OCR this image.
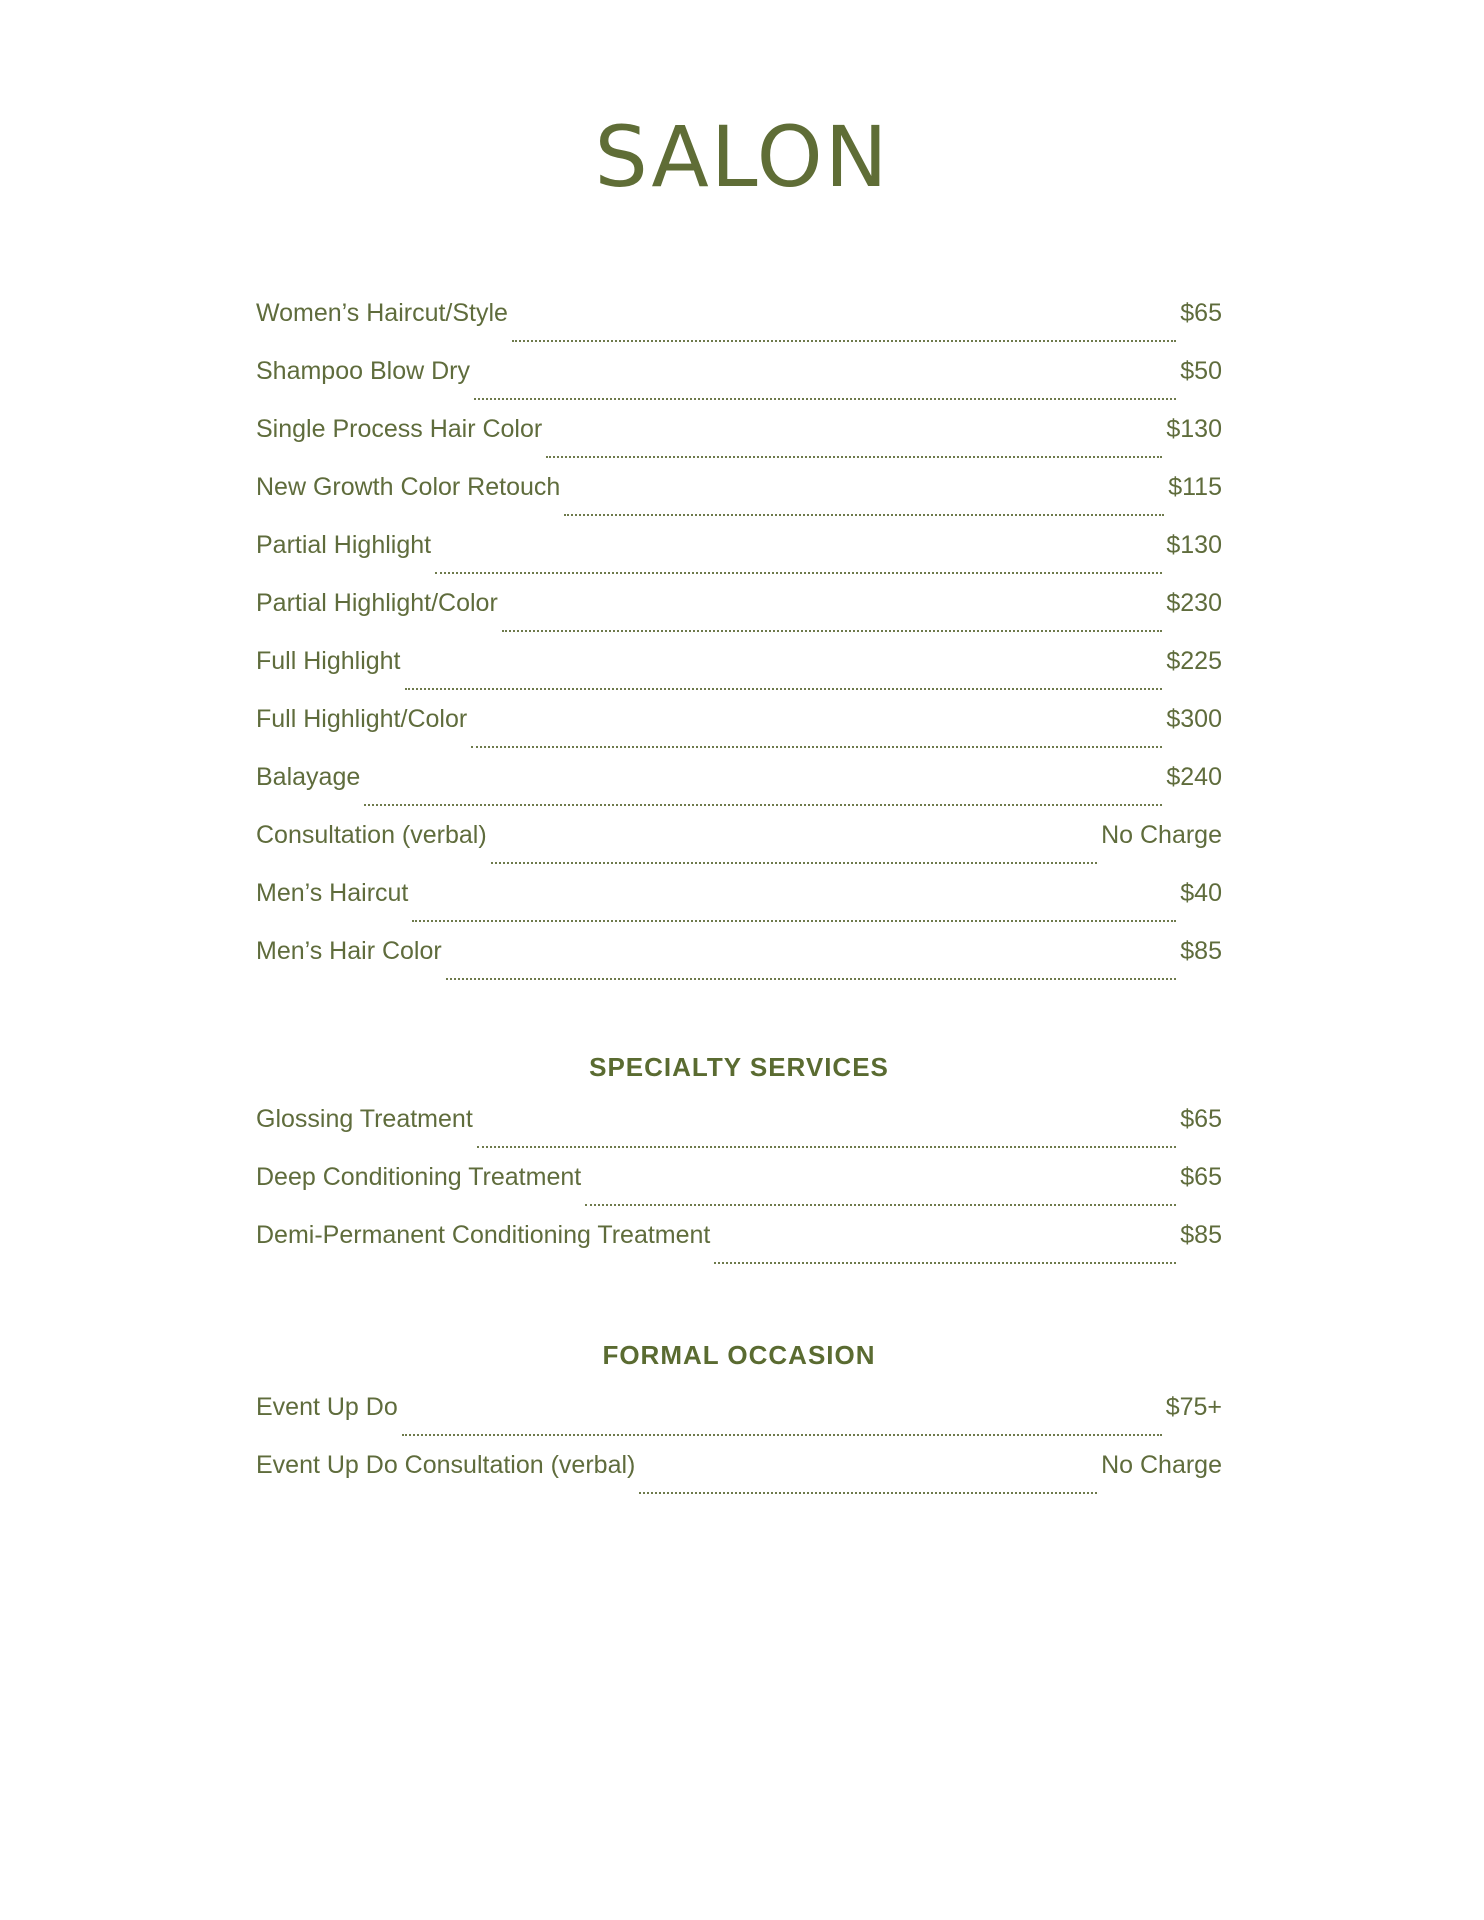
SALON
Women’s Haircut/Style	$65
Shampoo Blow Dry	$50
Single Process Hair Color	$130
New Growth Color Retouch	$115
Partial Highlight	$130
Partial Highlight/Color	$230
Full Highlight	$225
Full Highlight/Color	$300
Balayage	$240
Consultation (verbal)	No Charge
Men’s Haircut	$40
Men’s Hair Color	$85
SPECIALTY SERVICES
Glossing Treatment	$65
Deep Conditioning Treatment	$65
Demi-Permanent Conditioning Treatment	$85
FORMAL OCCASION
Event Up Do	$75+
Event Up Do Consultation (verbal)	No Charge
